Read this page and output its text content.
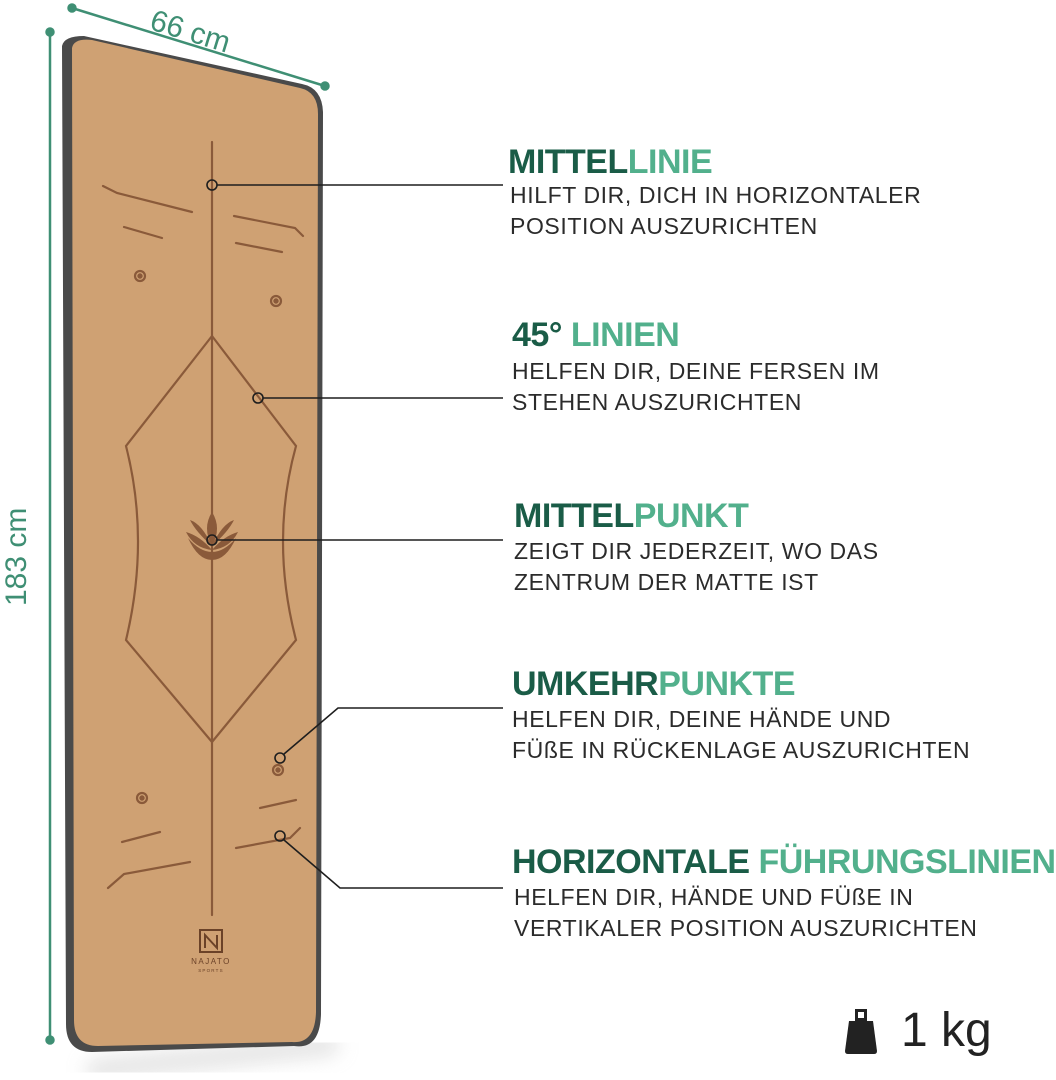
NAJATO
SPORTS
66 cm
183 cm
MITTELLINIE
HILFT DIR, DICH IN HORIZONTALER
POSITION AUSZURICHTEN
45° LINIEN
HELFEN DIR, DEINE FERSEN IM
STEHEN AUSZURICHTEN
MITTELPUNKT
ZEIGT DIR JEDERZEIT, WO DAS
ZENTRUM DER MATTE IST
UMKEHRPUNKTE
HELFEN DIR, DEINE HÄNDE UND
FÜßE IN RÜCKENLAGE AUSZURICHTEN
HORIZONTALE FÜHRUNGSLINIEN
HELFEN DIR, HÄNDE UND FÜßE IN
VERTIKALER POSITION AUSZURICHTEN
1 kg
